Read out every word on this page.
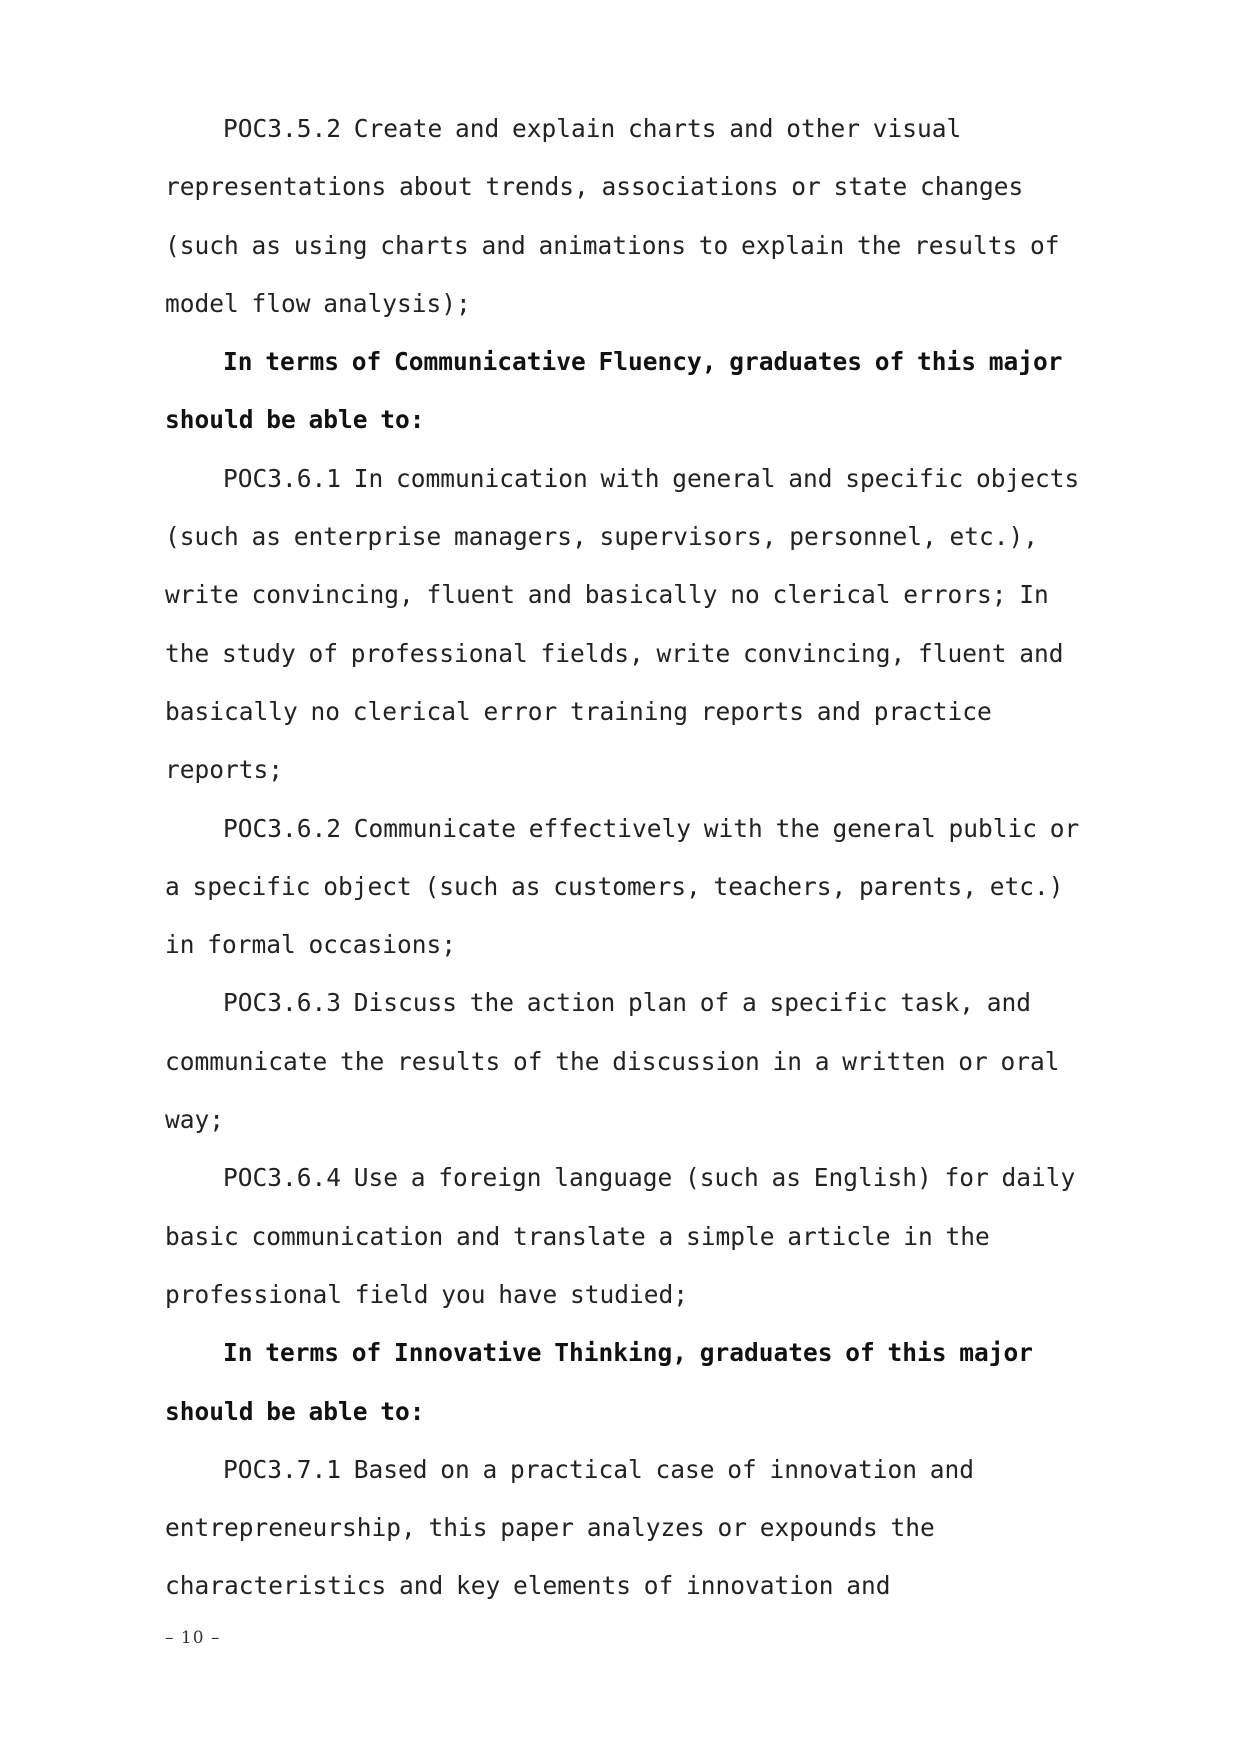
POC3.5.2 Create and explain charts and other visual representations about trends, associations or state changes (such as using charts and animations to explain the results of model flow analysis);

In terms of Communicative Fluency, graduates of this major should be able to:

POC3.6.1 In communication with general and specific objects (such as enterprise managers, supervisors, personnel, etc.), write convincing, fluent and basically no clerical errors; In the study of professional fields, write convincing, fluent and basically no clerical error training reports and practice reports;

POC3.6.2 Communicate effectively with the general public or a specific object (such as customers, teachers, parents, etc.) in formal occasions;

POC3.6.3 Discuss the action plan of a specific task, and communicate the results of the discussion in a written or oral way;

POC3.6.4 Use a foreign language (such as English) for daily basic communication and translate a simple article in the professional field you have studied;

In terms of Innovative Thinking, graduates of this major should be able to:

POC3.7.1 Based on a practical case of innovation and entrepreneurship, this paper analyzes or expounds the characteristics and key elements of innovation and

– 10 –
